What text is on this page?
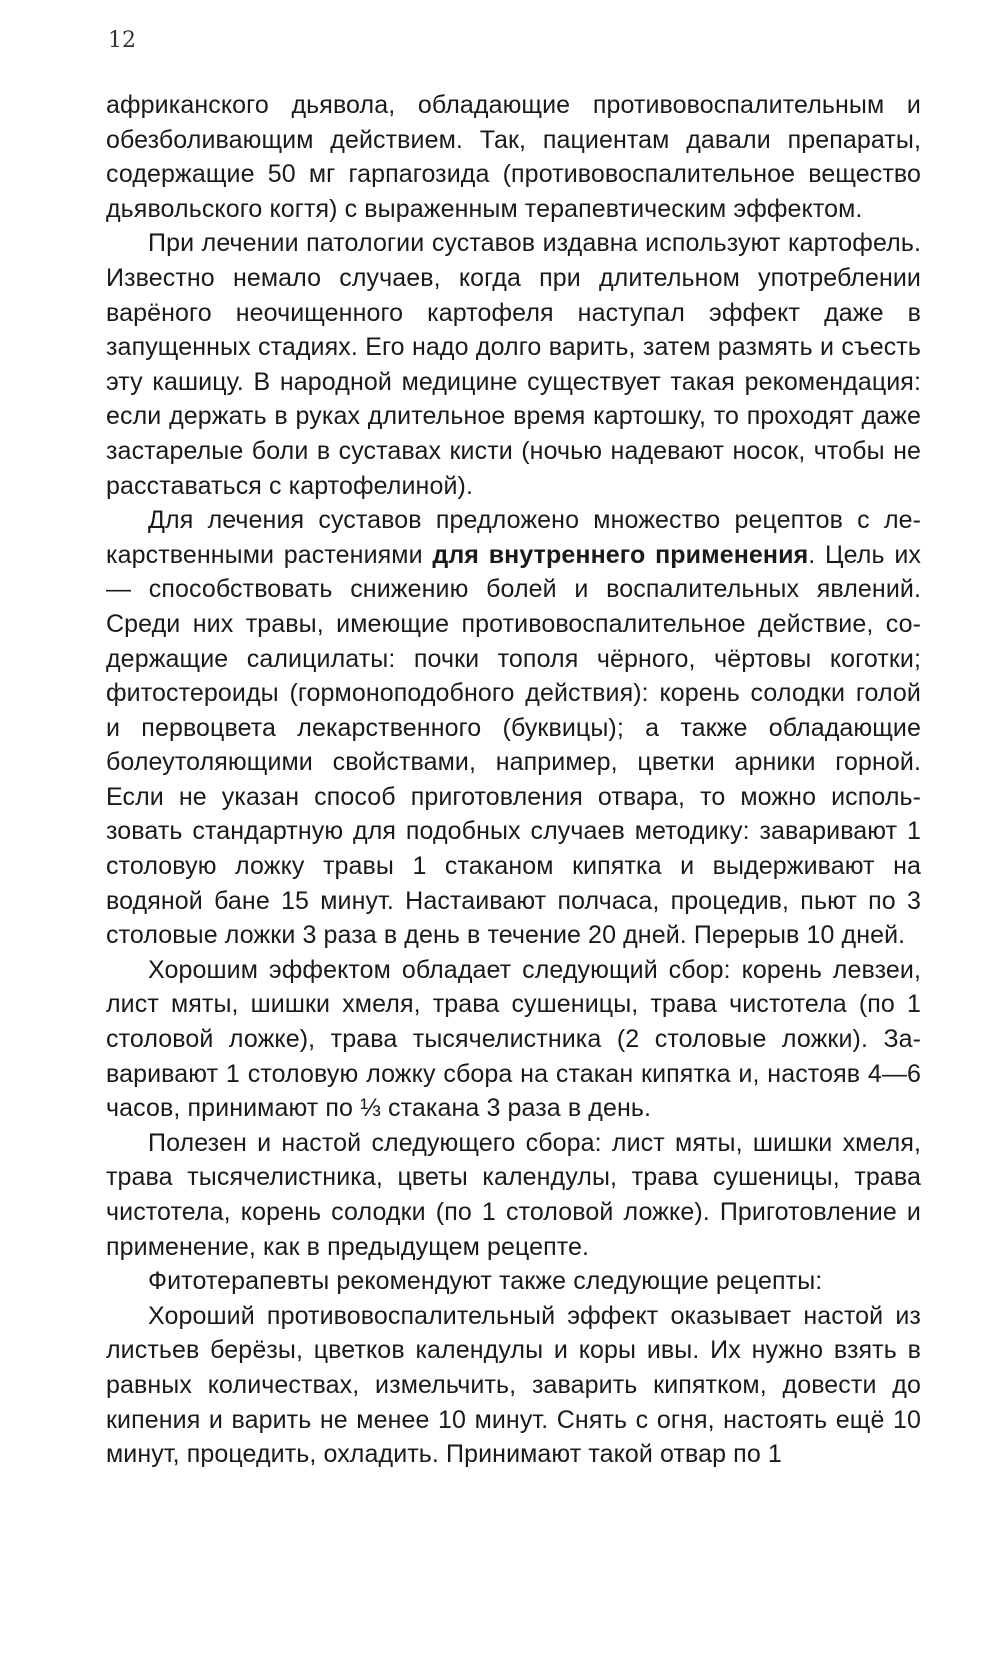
12

африканского дьявола, обладающие противовоспалительным и обезболивающим действием. Так, пациентам давали препараты, содержащие 50 мг гарпагозида (противовоспалительное вещество дьявольского когтя) с выраженным терапевтическим эффектом.

При лечении патологии суставов издавна используют картофель. Известно немало случаев, когда при длительном употреблении варёного неочищенного картофеля наступал эффект даже в запущенных стадиях. Его надо долго варить, затем размять и съесть эту кашицу. В народной медицине существует такая рекомендация: если держать в руках длительное время картошку, то проходят даже застарелые боли в суставах кисти (ночью надевают носок, чтобы не расставаться с картофелиной).

Для лечения суставов предложено множество рецептов с лекарственными растениями для внутреннего применения. Цель их — способствовать снижению болей и воспалительных явлений. Среди них травы, имеющие противовоспалительное действие, содержащие салицилаты: почки тополя чёрного, чёртовы коготки; фитостероиды (гормоноподобного действия): корень солодки голой и первоцвета лекарственного (буквицы); а также обладающие болеутоляющими свойствами, например, цветки арники горной. Если не указан способ приготовления отвара, то можно использовать стандартную для подобных случаев методику: заваривают 1 столовую ложку травы 1 стаканом кипятка и выдерживают на водяной бане 15 минут. Настаивают полчаса, процедив, пьют по 3 столовые ложки 3 раза в день в течение 20 дней. Перерыв 10 дней.

Хорошим эффектом обладает следующий сбор: корень левзеи, лист мяты, шишки хмеля, трава сушеницы, трава чистотела (по 1 столовой ложке), трава тысячелистника (2 столовые ложки). Заваривают 1 столовую ложку сбора на стакан кипятка и, настояв 4—6 часов, принимают по ⅓ стакана 3 раза в день.

Полезен и настой следующего сбора: лист мяты, шишки хмеля, трава тысячелистника, цветы календулы, трава сушеницы, трава чистотела, корень солодки (по 1 столовой ложке). Приготовление и применение, как в предыдущем рецепте.

Фитотерапевты рекомендуют также следующие рецепты:

Хороший противовоспалительный эффект оказывает настой из листьев берёзы, цветков календулы и коры ивы. Их нужно взять в равных количествах, измельчить, заварить кипятком, довести до кипения и варить не менее 10 минут. Снять с огня, настоять ещё 10 минут, процедить, охладить. Принимают такой отвар по 1
